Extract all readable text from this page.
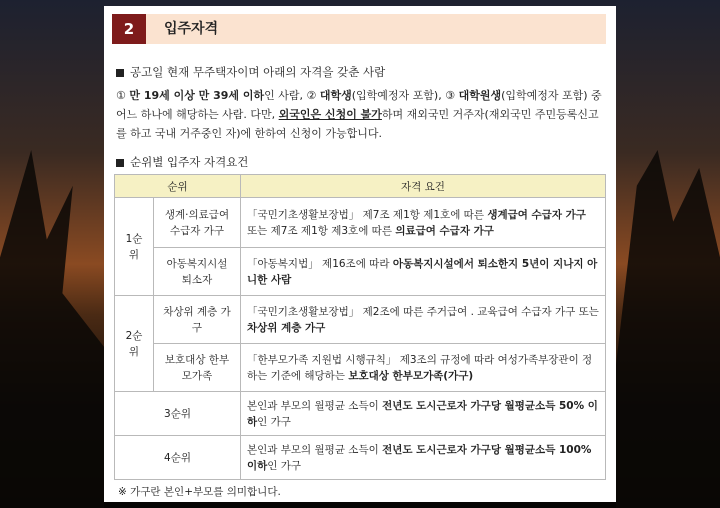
2	입주자격
공고일 현재 무주택자이며 아래의 자격을 갖춘 사람
① 만 19세 이상 만 39세 이하인 사람, ② 대학생(입학예정자 포함), ③ 대학원생(입학예정자 포함) 중 어느 하나에 해당하는 사람. 다만, 외국인은 신청이 불가하며 재외국민 거주자(재외국민 주민등록신고를 하고 국내 거주중인 자)에 한하여 신청이 가능합니다.
순위별 입주자 자격요건
순위		자격 요건
1순위	생계·의료급여 수급자 가구	「국민기초생활보장법」 제7조 제1항 제1호에 따른 생계급여 수급자 가구 또는 제7조 제1항 제3호에 따른 의료급여 수급자 가구
	아동복지시설 퇴소자	「아동복지법」 제16조에 따라 아동복지시설에서 퇴소한지 5년이 지나지 아니한 사람
2순위	차상위 계층 가구	「국민기초생활보장법」 제2조에 따른 주거급여 . 교육급여 수급자 가구 또는 차상위 계층 가구
	보호대상 한부모가족	「한부모가족 지원법 시행규칙」 제3조의 규정에 따라 여성가족부장관이 정하는 기준에 해당하는 보호대상 한부모가족(가구)
3순위		본인과 부모의 월평균 소득이 전년도 도시근로자 가구당 월평균소득 50% 이하인 가구
4순위		본인과 부모의 월평균 소득이 전년도 도시근로자 가구당 월평균소득 100% 이하인 가구
※ 가구란 본인+부모를 의미합니다.
